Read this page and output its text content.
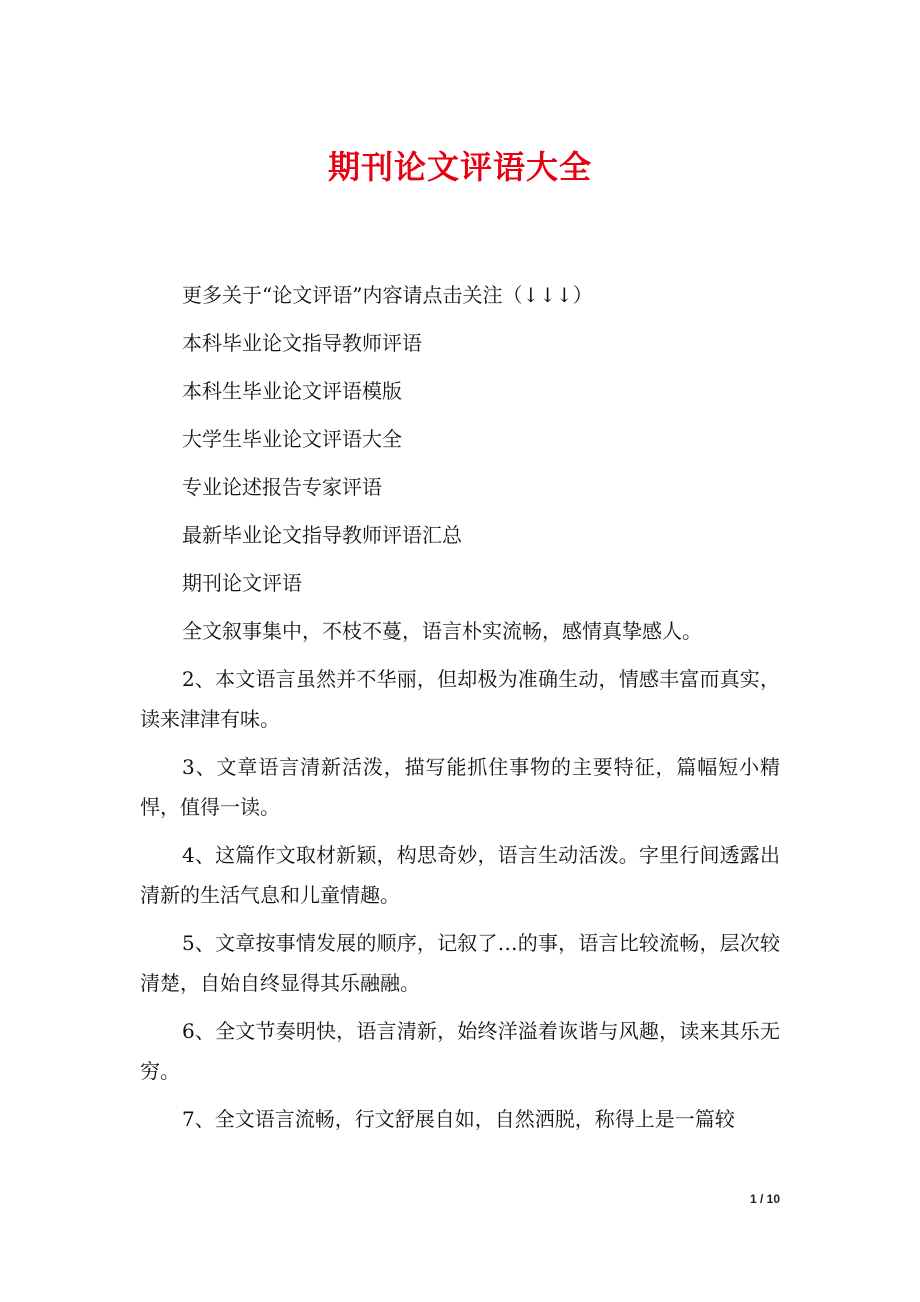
期刊论文评语大全
更多关于“论文评语”内容请点击关注（↓↓↓）
本科毕业论文指导教师评语
本科生毕业论文评语模版
大学生毕业论文评语大全
专业论述报告专家评语
最新毕业论文指导教师评语汇总
期刊论文评语
全文叙事集中，不枝不蔓，语言朴实流畅，感情真挚感人。
2、本文语言虽然并不华丽，但却极为准确生动，情感丰富而真实，读来津津有味。
3、文章语言清新活泼，描写能抓住事物的主要特征，篇幅短小精悍，值得一读。
4、这篇作文取材新颖，构思奇妙，语言生动活泼。字里行间透露出清新的生活气息和儿童情趣。
5、文章按事情发展的顺序，记叙了…的事，语言比较流畅，层次较清楚，自始自终显得其乐融融。
6、全文节奏明快，语言清新，始终洋溢着诙谐与风趣，读来其乐无穷。
7、全文语言流畅，行文舒展自如，自然洒脱，称得上是一篇较
1 / 10
